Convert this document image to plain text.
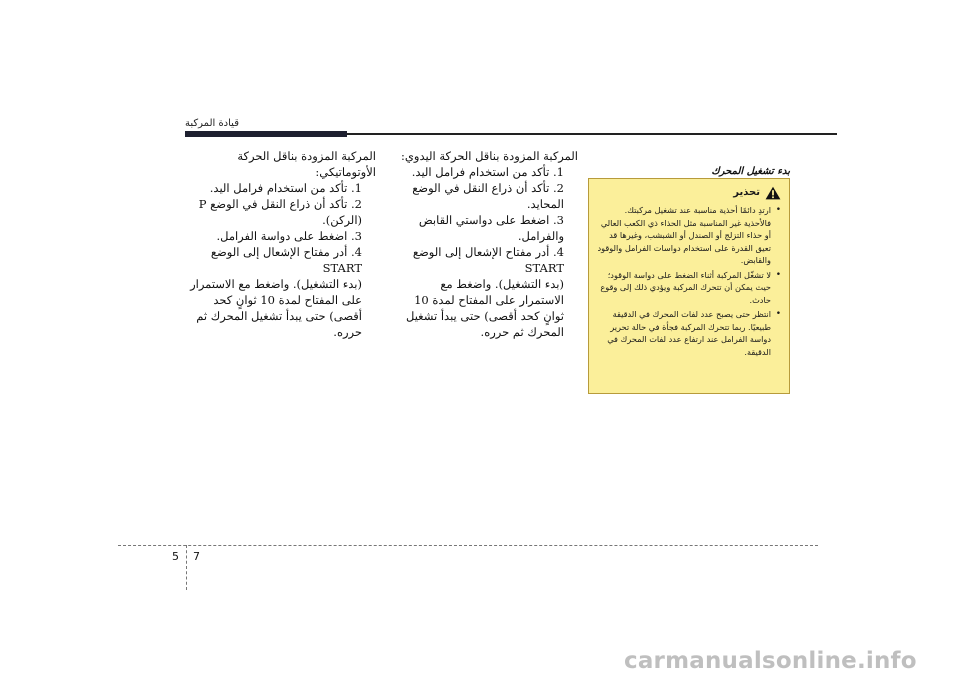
قيادة المركبة

المركبة المزودة بناقل الحركة الأوتوماتيكي:

1. تأكد من استخدام فرامل اليد.

2. تأكد أن ذراع النقل في الوضع P (الركن).

3. اضغط على دواسة الفرامل.

4. أدر مفتاح الإشعال إلى الوضع START

(بدء التشغيل). واضغط مع الاستمرار على المفتاح لمدة 10 ثوانٍ كحد أقصى) حتى يبدأ تشغيل المحرك ثم حرره.

المركبة المزودة بناقل الحركة اليدوي:

1. تأكد من استخدام فرامل اليد.

2. تأكد أن ذراع النقل في الوضع المحايد.

3. اضغط على دواستي القابض والفرامل.

4. أدر مفتاح الإشعال إلى الوضع START

(بدء التشغيل). واضغط مع الاستمرار على المفتاح لمدة 10 ثوانٍ كحد أقصى) حتى يبدأ تشغيل المحرك ثم حرره.

بدء تشغيل المحرك
تحذير

• ارتدِ دائمًا أحذية مناسبة عند تشغيل مركبتك. فالأحذية غير المناسبة مثل الحذاء ذي الكعب العالي أو حذاء التزلج أو الصندل أو الشبشب، وغيرها قد تعيق القدرة على استخدام دواسات الفرامل والوقود والقابض.

• لا تشغّل المركبة أثناء الضغط على دواسة الوقود؛ حيث يمكن أن تتحرك المركبة ويؤدي ذلك إلى وقوع حادث.

• انتظر حتى يصبح عدد لفات المحرك في الدقيقة طبيعيًا. ربما تتحرك المركبة فجأة في حالة تحرير دواسة الفرامل عند ارتفاع عدد لفات المحرك في الدقيقة.

5 7
carmanualsonline.info
